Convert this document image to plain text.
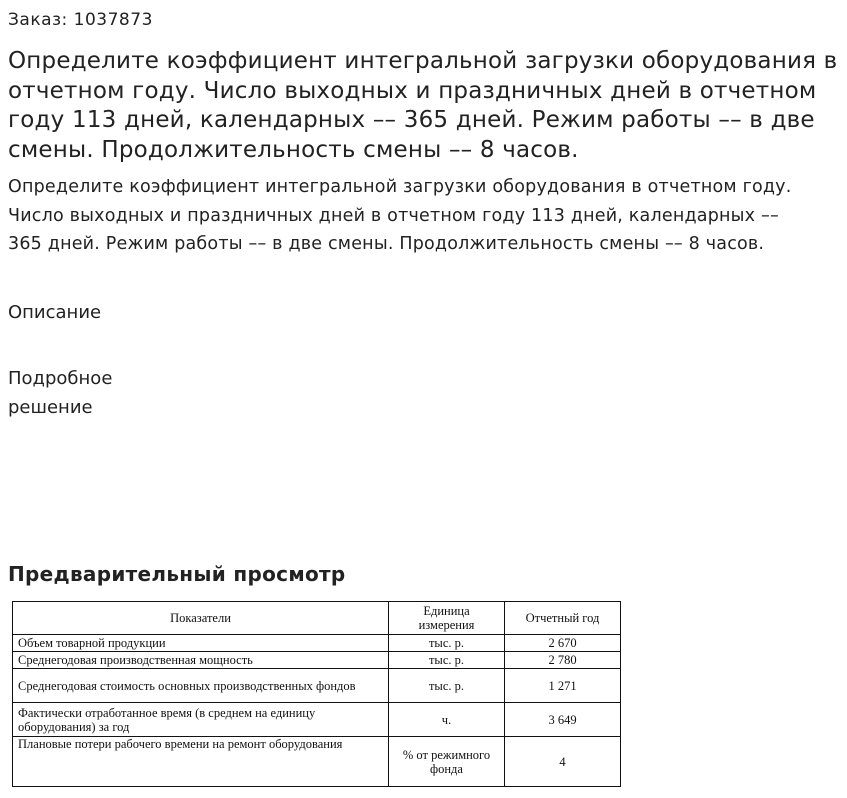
Заказ: 1037873
Определите коэффициент интегральной загрузки оборудования в отчетном году. Число выходных и праздничных дней в отчетном году 113 дней, календарных –– 365 дней. Режим работы –– в две смены. Продолжительность смены –– 8 часов.

Определите коэффициент интегральной загрузки оборудования в отчетном году. Число выходных и праздничных дней в отчетном году 113 дней, календарных –– 365 дней. Режим работы –– в две смены. Продолжительность смены –– 8 часов.

Описание
Подробное
решение
Предварительный просмотр
Показатели	Единица измерения	Отчетный год
Объем товарной продукции	тыс. р.	2 670
Среднегодовая производственная мощность	тыс. р.	2 780
Среднегодовая стоимость основных производственных фондов	тыс. р.	1 271
Фактически отработанное время (в среднем на единицу оборудования) за год	ч.	3 649
Плановые потери рабочего времени на ремонт оборудования	% от режимного фонда	4
